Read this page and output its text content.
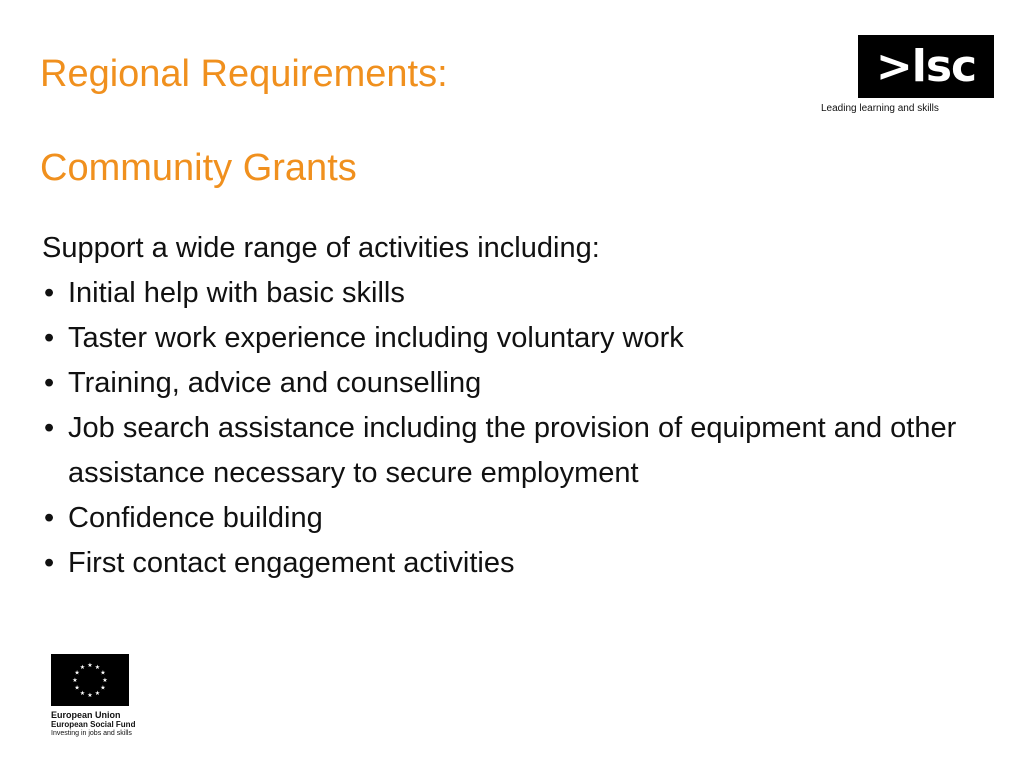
Regional Requirements:
Community Grants
>lsc
Leading learning and skills

Support a wide range of activities including:

• Initial help with basic skills
• Taster work experience including voluntary work
• Training, advice and counselling
• Job search assistance including the provision of equipment and other assistance necessary to secure employment
• Confidence building
• First contact engagement activities
★ ★
★
★
★
★
★
★
★
★
★
★
European Union
European Social Fund
Investing in jobs and skills
